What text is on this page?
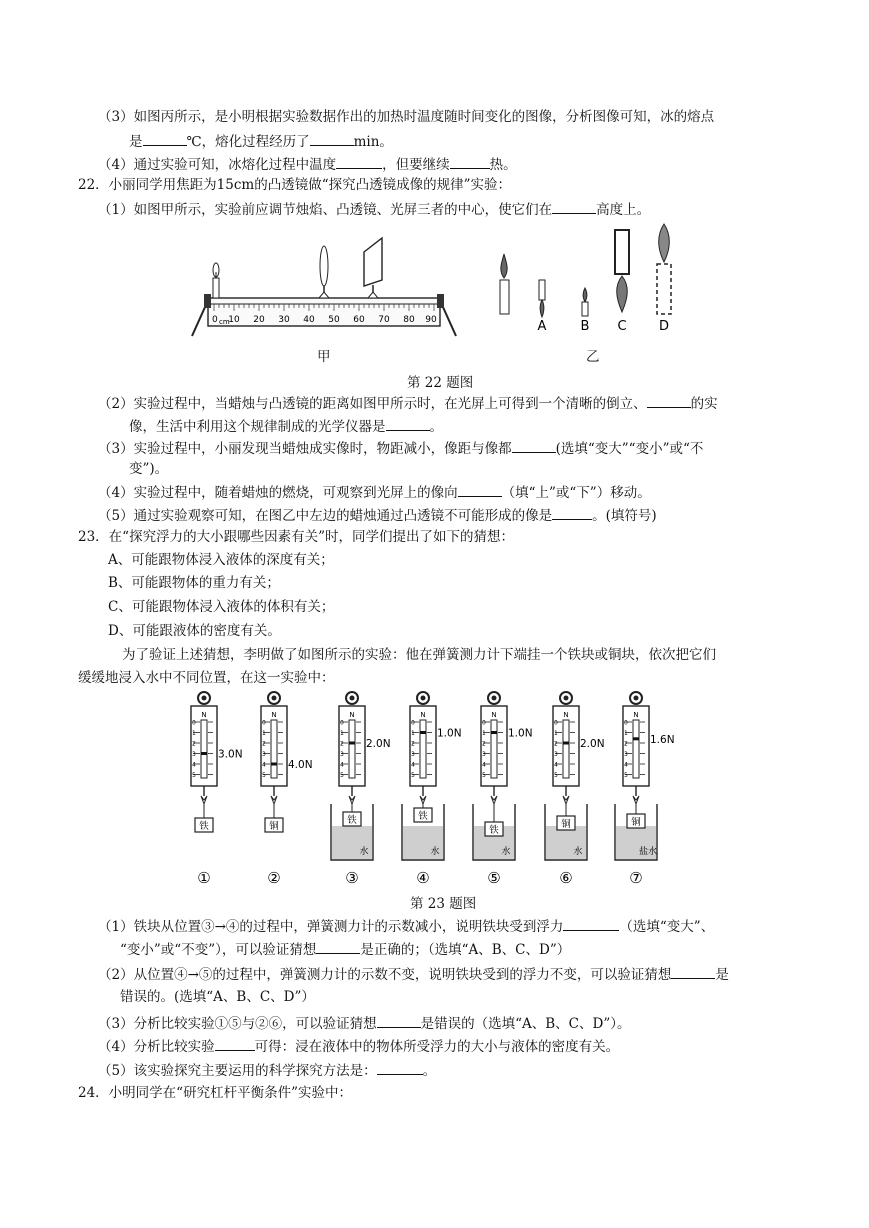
（3）如图丙所示，是小明根据实验数据作出的加热时温度随时间变化的图像，分析图像可知，冰的熔点
是	℃，熔化过程经历了	min。
（4）通过实验可知，冰熔化过程中温度	，但要继续	热。
22．小丽同学用焦距为15cm的凸透镜做“探究凸透镜成像的规律”实验：
（1）如图甲所示，实验前应调节烛焰、凸透镜、光屏三者的中心，使它们在	高度上。
0 cm
10 20 30 40 50 60 70 80 90
甲
A	B C D
乙
第 22 题图
（2）实验过程中，当蜡烛与凸透镜的距离如图甲所示时，在光屏上可得到一个清晰的倒立、	的实
像，生活中利用这个规律制成的光学仪器是	。
（3）实验过程中，小丽发现当蜡烛成实像时，物距减小，像距与像都	(选填“变大”“变小”或“不
变”)。
（4）实验过程中，随着蜡烛的燃烧，可观察到光屏上的像向	（填“上”或“下”）移动。
（5）通过实验观察可知，在图乙中左边的蜡烛通过凸透镜不可能形成的像是	。(填符号)
23．在“探究浮力的大小跟哪些因素有关”时，同学们提出了如下的猜想：
A、可能跟物体浸入液体的深度有关；
B、可能跟物体的重力有关；
C、可能跟物体浸入液体的体积有关；
D、可能跟液体的密度有关。
为了验证上述猜想，李明做了如图所示的实验：他在弹簧测力计下端挂一个铁块或铜块，依次把它们
缓缓地浸入水中不同位置，在这一实验中：
N
0
1
2
3
4
5
3.0N
铁
①
N
0
1
2
3
4
5
4.0N
铜
②
N
0
1
2
3
4
5
2.0N
水
铁
③
N
0
1
2
3
4
5
1.0N
水
铁
④
N
0
1
2
3
4
5
1.0N
水
铁
⑤
N
0
1
2
3
4
5
2.0N
水
铜
⑥
N
0
1
2
3
4
5
1.6N
盐水
铜
⑦
第 23 题图
（1）铁块从位置③→④的过程中，弹簧测力计的示数减小，说明铁块受到浮力	（选填“变大”、
“变小”或“不变”），可以验证猜想	是正确的；（选填“A、B、C、D”）
（2）从位置④→⑤的过程中，弹簧测力计的示数不变，说明铁块受到的浮力不变，可以验证猜想	是
错误的。(选填“A、B、C、D”）
（3）分析比较实验①⑤与②⑥，可以验证猜想	是错误的（选填“A、B、C、D”）。
（4）分析比较实验	可得：浸在液体中的物体所受浮力的大小与液体的密度有关。
（5）该实验探究主要运用的科学探究方法是：	。
24．小明同学在“研究杠杆平衡条件”实验中：
